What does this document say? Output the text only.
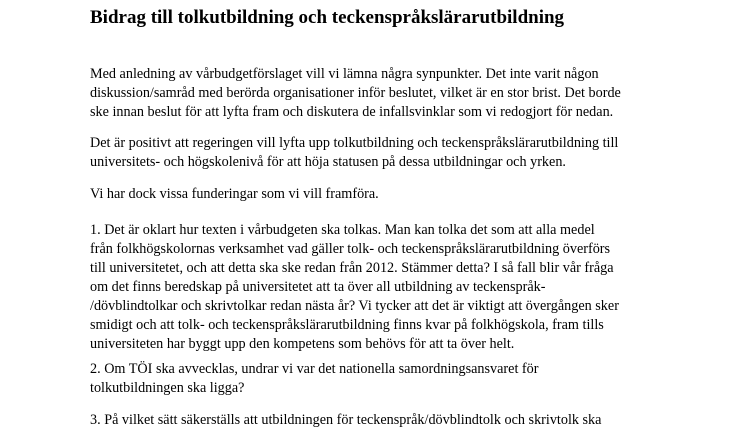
Bidrag till tolkutbildning och teckenspråkslärarutbildning

Med anledning av vårbudgetförslaget vill vi lämna några synpunkter. Det inte varit någon
diskussion/samråd med berörda organisationer inför beslutet, vilket är en stor brist. Det borde
ske innan beslut för att lyfta fram och diskutera de infallsvinklar som vi redogjort för nedan.

Det är positivt att regeringen vill lyfta upp tolkutbildning och teckenspråkslärarutbildning till
universitets- och högskolenivå för att höja statusen på dessa utbildningar och yrken.

Vi har dock vissa funderingar som vi vill framföra.

1. Det är oklart hur texten i vårbudgeten ska tolkas. Man kan tolka det som att alla medel
från folkhögskolornas verksamhet vad gäller tolk- och teckenspråkslärarutbildning överförs
till universitetet, och att detta ska ske redan från 2012. Stämmer detta? I så fall blir vår fråga
om det finns beredskap på universitetet att ta över all utbildning av teckenspråk-
/dövblindtolkar och skrivtolkar redan nästa år? Vi tycker att det är viktigt att övergången sker
smidigt och att tolk- och teckenspråkslärarutbildning finns kvar på folkhögskola, fram tills
universiteten har byggt upp den kompetens som behövs för att ta över helt.

2. Om TÖI ska avvecklas, undrar vi var det nationella samordningsansvaret för
tolkutbildningen ska ligga?

3. På vilket sätt säkerställs att utbildningen för teckenspråk/dövblindtolk och skrivtolk ska
